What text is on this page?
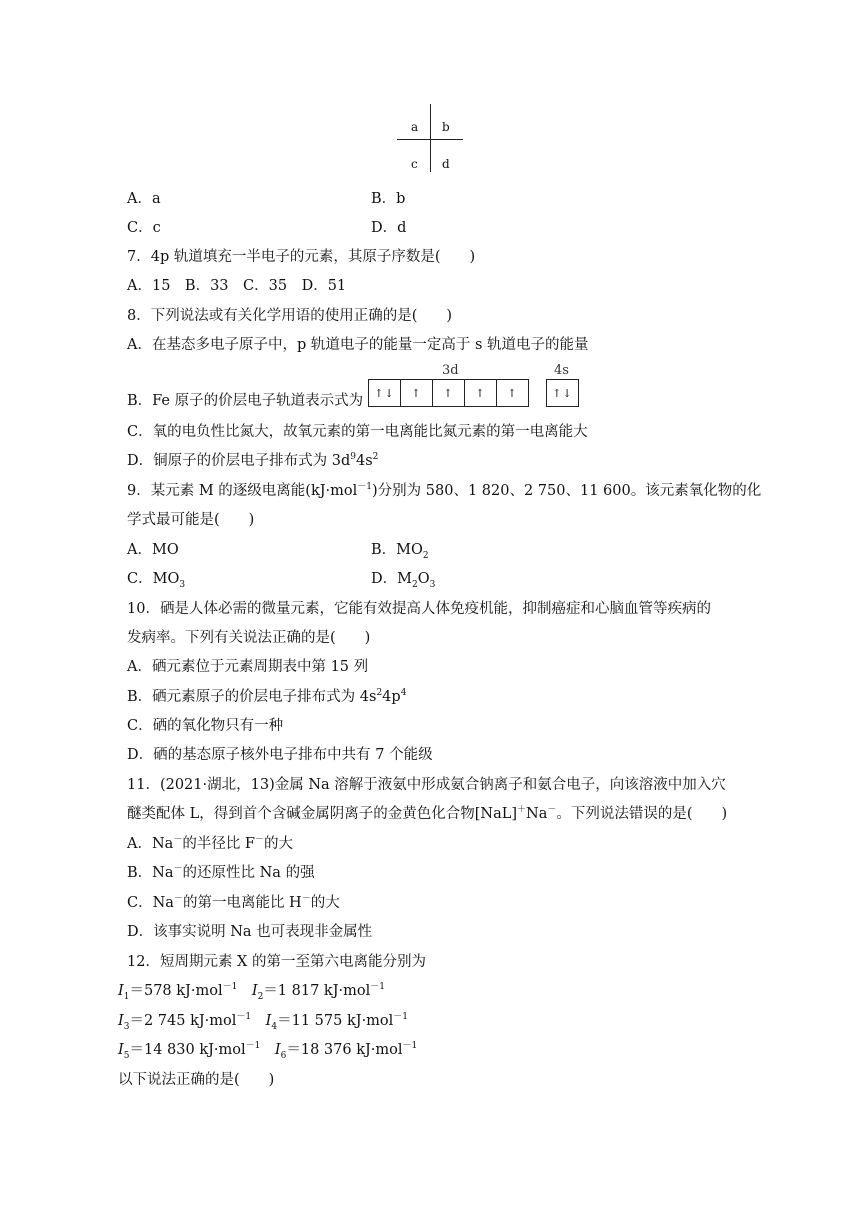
a b
c d
A．a	B．b
C．c	D．d
7．4p 轨道填充一半电子的元素，其原子序数是(　　)
A．15　B．33　C．35　D．51
8．下列说法或有关化学用语的使用正确的是(　　)
A．在基态多电子原子中，p 轨道电子的能量一定高于 s 轨道电子的能量
B．Fe 原子的价层电子轨道表示式为
3d	4s
↑↓	↑	↑	↑	↑	↑↓
C．氧的电负性比氮大，故氧元素的第一电离能比氮元素的第一电离能大
D．铜原子的价层电子排布式为 $3d^94s^2$
9．某元素 M 的逐级电离能(kJ·mol$^{-1}$)分别为 580、1 820、2 750、11 600。该元素氧化物的化
学式最可能是(　　)
A．MO	B．$MO_2$
C．$MO_3$	D．$M_2O_3$
10．硒是人体必需的微量元素，它能有效提高人体免疫机能，抑制癌症和心脑血管等疾病的
发病率。下列有关说法正确的是(　　)
A．硒元素位于元素周期表中第 15 列
B．硒元素原子的价层电子排布式为 $4s^24p^4$
C．硒的氧化物只有一种
D．硒的基态原子核外电子排布中共有 7 个能级
11．(2021·湖北，13)金属 Na 溶解于液氨中形成氨合钠离子和氨合电子，向该溶液中加入穴
醚类配体 L，得到首个含碱金属阴离子的金黄色化合物[NaL]＋Na－。下列说法错误的是(　　)
A．Na－的半径比 F－的大
B．Na－的还原性比 Na 的强
C．Na－的第一电离能比 H－的大
D．该事实说明 Na 也可表现非金属性
12．短周期元素 X 的第一至第六电离能分别为
$I_1=578$ kJ·mol$^{-1}$　 $I_2=1$ 817 kJ·mol$^{-1}$
$I_3=2$ 745 kJ·mol$^{-1}$　 $I_4=11$ 575 kJ·mol$^{-1}$
$I_5=14$ 830 kJ·mol$^{-1}$　 $I_6=18$ 376 kJ·mol$^{-1}$
以下说法正确的是(　　)
